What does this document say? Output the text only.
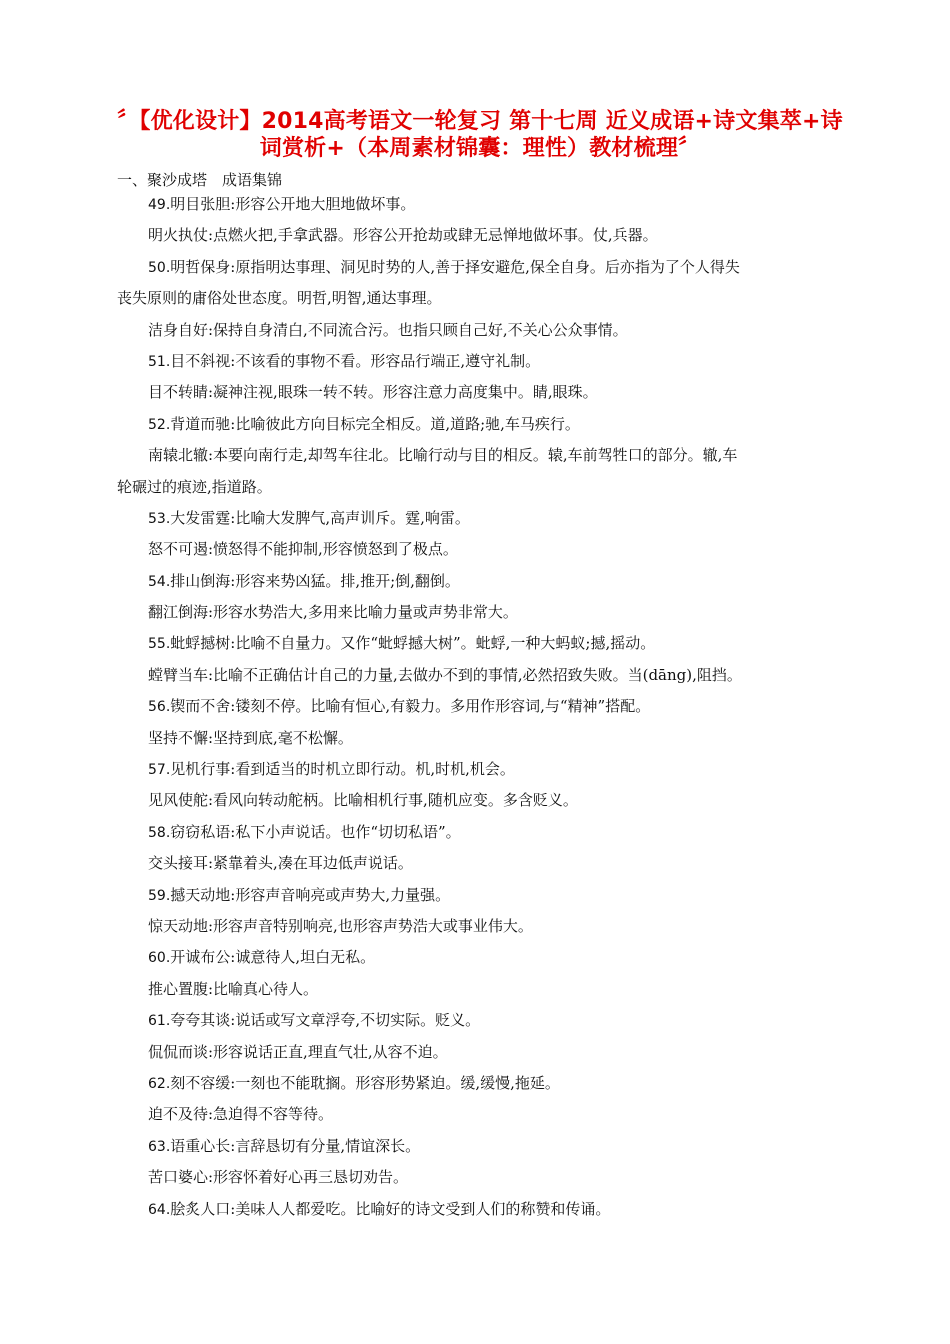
〞【优化设计】2014高考语文一轮复习 第十七周 近义成语+诗文集萃+诗
词赏析+（本周素材锦囊：理性）教材梳理〞
一、聚沙成塔　成语集锦
49.明目张胆:形容公开地大胆地做坏事。
明火执仗:点燃火把,手拿武器。形容公开抢劫或肆无忌惮地做坏事。仗,兵器。
50.明哲保身:原指明达事理、洞见时势的人,善于择安避危,保全自身。后亦指为了个人得失
丧失原则的庸俗处世态度。明哲,明智,通达事理。
洁身自好:保持自身清白,不同流合污。也指只顾自己好,不关心公众事情。
51.目不斜视:不该看的事物不看。形容品行端正,遵守礼制。
目不转睛:凝神注视,眼珠一转不转。形容注意力高度集中。睛,眼珠。
52.背道而驰:比喻彼此方向目标完全相反。道,道路;驰,车马疾行。
南辕北辙:本要向南行走,却驾车往北。比喻行动与目的相反。辕,车前驾牲口的部分。辙,车
轮碾过的痕迹,指道路。
53.大发雷霆:比喻大发脾气,高声训斥。霆,响雷。
怒不可遏:愤怒得不能抑制,形容愤怒到了极点。
54.排山倒海:形容来势凶猛。排,推开;倒,翻倒。
翻江倒海:形容水势浩大,多用来比喻力量或声势非常大。
55.蚍蜉撼树:比喻不自量力。又作“蚍蜉撼大树”。蚍蜉,一种大蚂蚁;撼,摇动。
螳臂当车:比喻不正确估计自己的力量,去做办不到的事情,必然招致失败。当(dāng),阻挡。
56.锲而不舍:镂刻不停。比喻有恒心,有毅力。多用作形容词,与“精神”搭配。
坚持不懈:坚持到底,毫不松懈。
57.见机行事:看到适当的时机立即行动。机,时机,机会。
见风使舵:看风向转动舵柄。比喻相机行事,随机应变。多含贬义。
58.窃窃私语:私下小声说话。也作“切切私语”。
交头接耳:紧靠着头,凑在耳边低声说话。
59.撼天动地:形容声音响亮或声势大,力量强。
惊天动地:形容声音特别响亮,也形容声势浩大或事业伟大。
60.开诚布公:诚意待人,坦白无私。
推心置腹:比喻真心待人。
61.夸夸其谈:说话或写文章浮夸,不切实际。贬义。
侃侃而谈:形容说话正直,理直气壮,从容不迫。
62.刻不容缓:一刻也不能耽搁。形容形势紧迫。缓,缓慢,拖延。
迫不及待:急迫得不容等待。
63.语重心长:言辞恳切有分量,情谊深长。
苦口婆心:形容怀着好心再三恳切劝告。
64.脍炙人口:美味人人都爱吃。比喻好的诗文受到人们的称赞和传诵。
